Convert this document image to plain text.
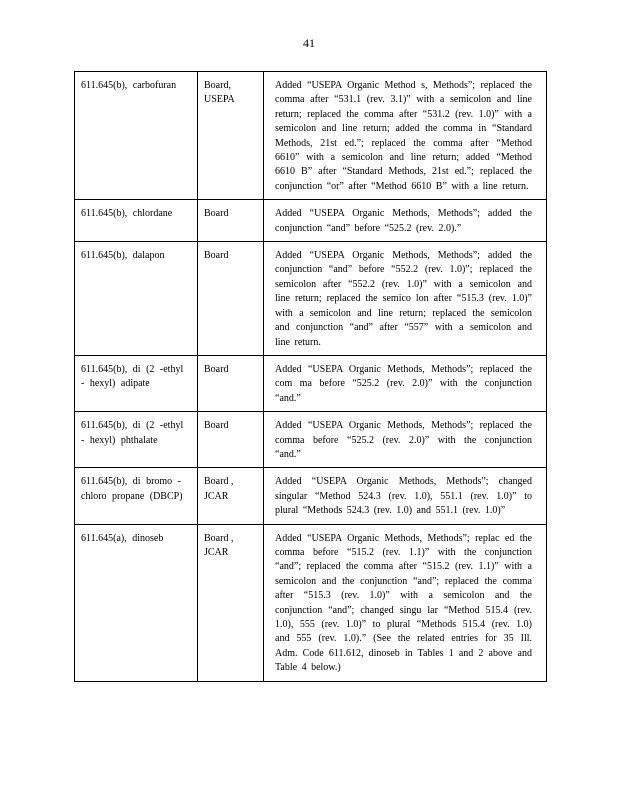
41
611.645(b), carbofuran	Board, USEPA	Added “USEPA Organic Method s, Methods”; replaced the comma after “531.1 (rev. 3.1)” with a semicolon and line return; replaced the comma after “531.2 (rev. 1.0)” with a semicolon and line return; added the comma in “Standard Methods, 21st ed.”; replaced the comma after “Method 6610” with a semicolon and line return; added “Method 6610 B” after “Standard Methods, 21st ed.”; replaced the conjunction “or” after “Method 6610 B” with a line return.
611.645(b), chlordane	Board	Added “USEPA Organic Methods, Methods”; added the conjunction “and” before “525.2 (rev. 2.0).”
611.645(b), dalapon	Board	Added “USEPA Organic Methods, Methods”; added the conjunction “and” before “552.2 (rev. 1.0)”; replaced the semicolon after “552.2 (rev. 1.0)” with a semicolon and line return; replaced the semico lon after “515.3 (rev. 1.0)” with a semicolon and line return; replaced the semicolon and conjunction “and” after “557” with a semicolon and line return.
611.645(b), di (2 -ethyl - hexyl) adipate	Board	Added “USEPA Organic Methods, Methods”; replaced the com ma before “525.2 (rev. 2.0)” with the conjunction “and.”
611.645(b), di (2 -ethyl - hexyl) phthalate	Board	Added “USEPA Organic Methods, Methods”; replaced the comma before “525.2 (rev. 2.0)” with the conjunction “and.”
611.645(b), di bromo - chloro propane (DBCP)	Board , JCAR	Added “USEPA Organic Methods, Methods”; changed singular “Method 524.3 (rev. 1.0), 551.1 (rev. 1.0)” to plural “Methods 524.3 (rev. 1.0) and 551.1 (rev. 1.0)”
611.645(a), dinoseb	Board , JCAR	Added “USEPA Organic Methods, Methods”; replac ed the comma before “515.2 (rev. 1.1)” with the conjunction “and”; replaced the comma after “515.2 (rev. 1.1)” with a semicolon and the conjunction “and”; replaced the comma after “515.3 (rev. 1.0)” with a semicolon and the conjunction “and”; changed singu lar “Method 515.4 (rev. 1.0), 555 (rev. 1.0)” to plural “Methods 515.4 (rev. 1.0) and 555 (rev. 1.0).” (See the related entries for 35 Ill. Adm. Code 611.612, dinoseb in Tables 1 and 2 above and Table 4 below.)
